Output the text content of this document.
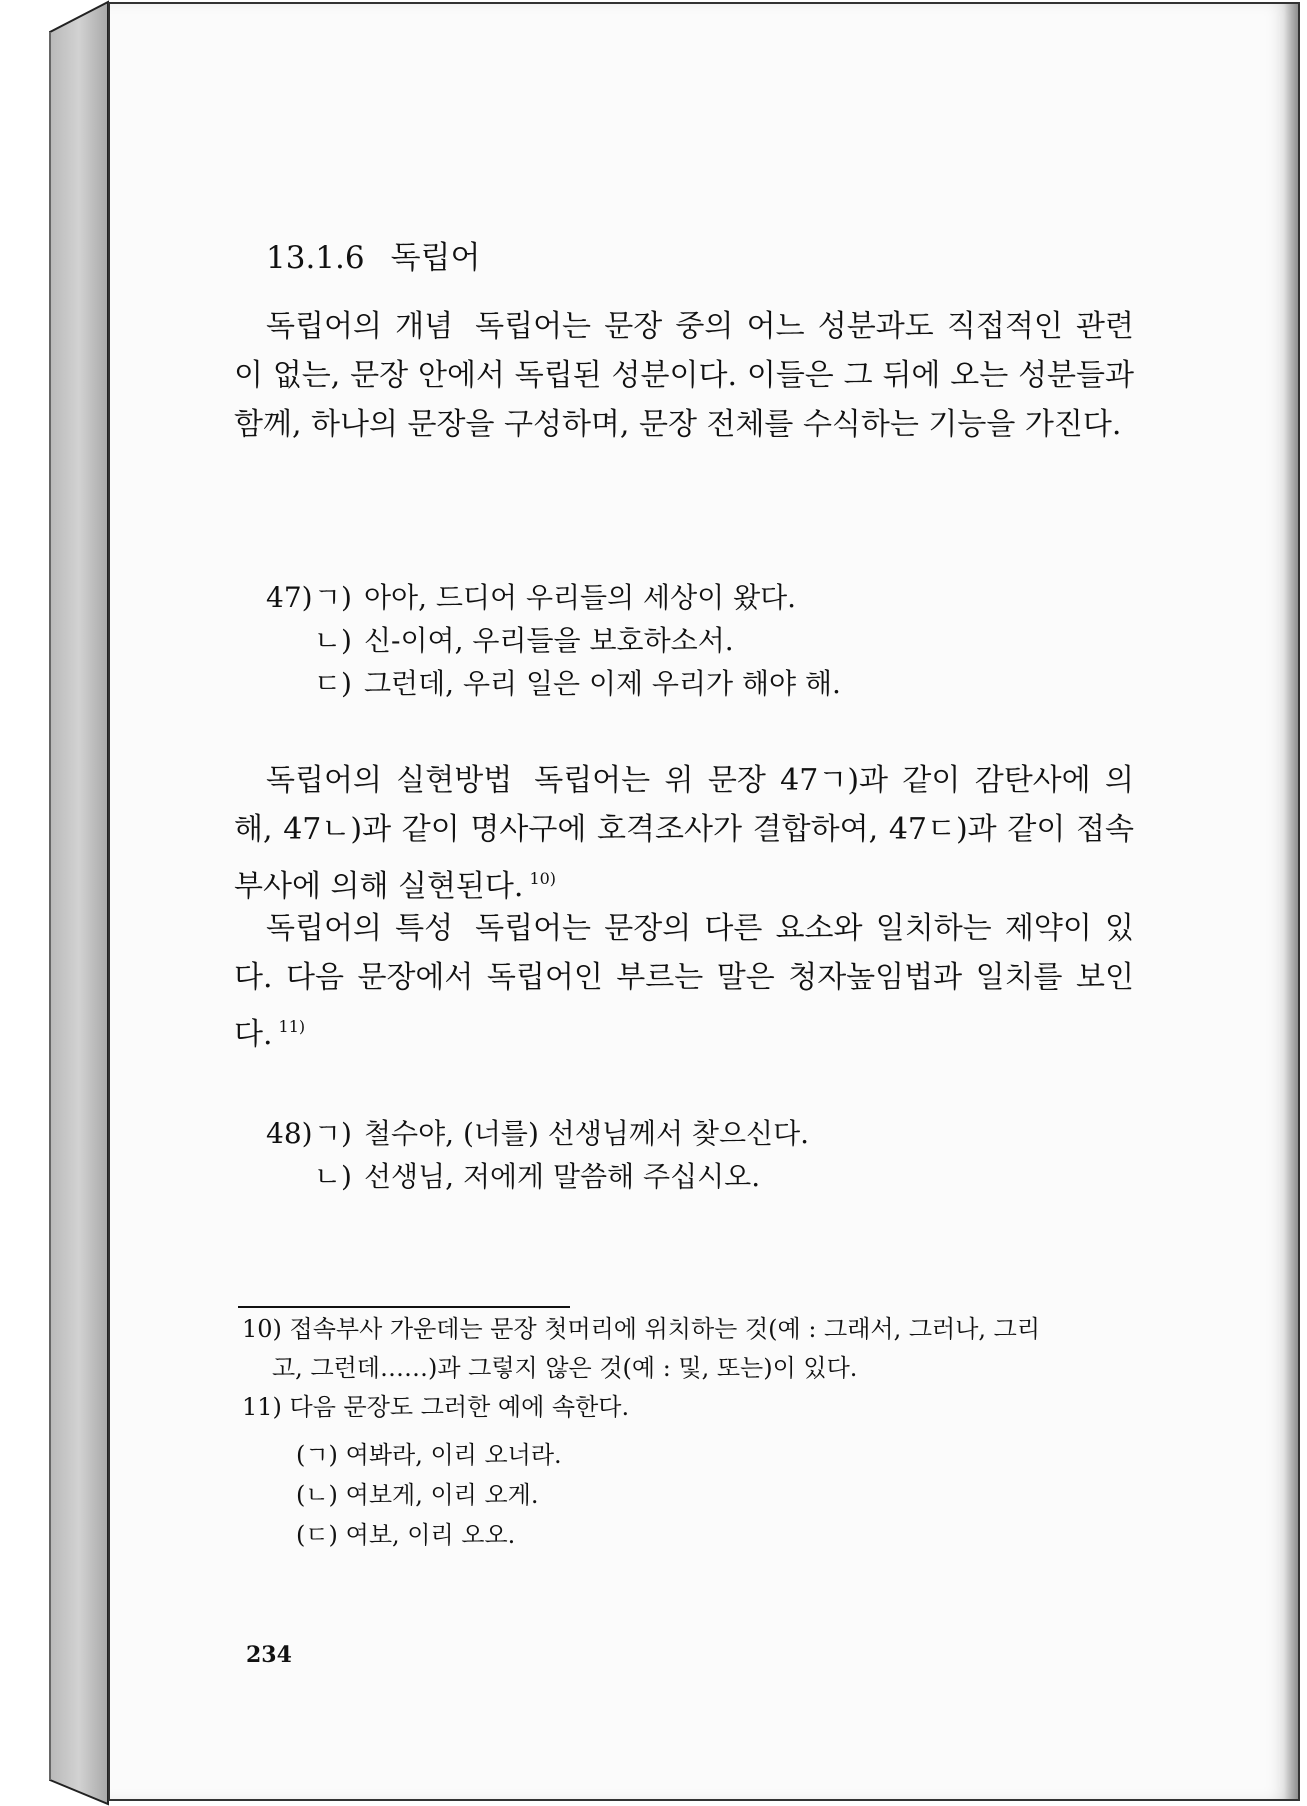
13.1.6 독립어

독립어의 개념 독립어는 문장 중의 어느 성분과도 직접적인 관련이 없는, 문장 안에서 독립된 성분이다. 이들은 그 뒤에 오는 성분들과 함께, 하나의 문장을 구성하며, 문장 전체를 수식하는 기능을 가진다.

47) ㄱ) 아아, 드디어 우리들의 세상이 왔다.
ㄴ) 신-이여, 우리들을 보호하소서.
ㄷ) 그런데, 우리 일은 이제 우리가 해야 해.

독립어의 실현방법 독립어는 위 문장 47ㄱ)과 같이 감탄사에 의해, 47ㄴ)과 같이 명사구에 호격조사가 결합하여, 47ㄷ)과 같이 접속부사에 의해 실현된다. $^{10)}$

독립어의 특성 독립어는 문장의 다른 요소와 일치하는 제약이 있다. 다음 문장에서 독립어인 부르는 말은 청자높임법과 일치를 보인다. $^{11)}$

48) ㄱ) 철수야, (너를) 선생님께서 찾으신다.
ㄴ) 선생님, 저에게 말씀해 주십시오.
10) 접속부사 가운데는 문장 첫머리에 위치하는 것(예 : 그래서, 그러나, 그리
고, 그런데……)과 그렇지 않은 것(예 : 및, 또는)이 있다.
11) 다음 문장도 그러한 예에 속한다.
(ㄱ) 여봐라, 이리 오너라.
(ㄴ) 여보게, 이리 오게.
(ㄷ) 여보, 이리 오오.
234
